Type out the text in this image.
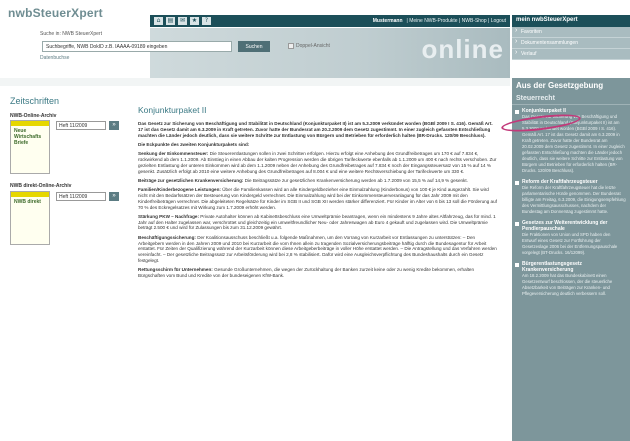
nwbSteuerXpert
⌂	▤	✉	★	?	Mustermann | Meine NWB-Produkte | NWB-Shop | Logout
online
Suche in: NWB SteuerXpert
Suchbegriffe, NWB DokID z.B. IAAAA-09189 eingeben
Suchen	Doppel-Ansicht
Datenbuchse
mein nwbSteuerXpert
› Favoriten
› Dokumentensammlungen
› Verlauf
Aus der Gesetzgebung
Steuerrecht
Konjunkturpaket II
Das Gesetz zur Sicherung von Beschäftigung und Stabilität in Deutschland (Konjunkturpaket II) ist am 5.3.2009 verkündet worden (BGBl 2009 I S. 416). Gemäß Art. 17 ist das Gesetz damit am 6.3.2009 in Kraft getreten. Zuvor hatte der Bundesrat am 20.02.2009 dem Gesetz zugestimmt. In einer zugleich gefassten Entschließung machten die Länder jedoch deutlich, dass sie weitere Schritte zur Entlastung von Bürgern und Betrieben für erforderlich halten (BR-Drucks. 120/09 Beschluss).
Reform der Kraftfahrzeugsteuer
Die Reform der Kraftfahrzeugsteuer hat die letzte parlamentarische Hürde genommen. Der Bundesrat billigte am Freitag, 6.3.2009, die Einigungsempfehlung des Vermittlungsausschusses, nachdem der Bundestag am Donnerstag zugestimmt hatte.
Gesetzes zur Weiterentwicklung der Pendlerpauschale
Die Fraktionen von Union und SPD haben den Entwurf eines Gesetz zur Fortführung der Gesetzeslage 2006 bei der Entfernungspauschale vorgelegt (BT-Drucks. 16/12099).
Bürgerentlastungsgesetz Krankenversicherung
Am 18.2.2009 hat das Bundeskabinett einen Gesetzentwurf beschlossen, der die steuerliche Absetzbarkeit von Beiträgen zur Kranken- und Pflegeversicherung deutlich verbessern soll.
Zeitschriften
NWB-Online-Archiv
Neue Wirtschafts Briefe
Heft 11/2009	»
NWB direkt-Online-Archiv
NWB direkt
Heft 11/2009	»
Konjunkturpaket II

Das Gesetz zur Sicherung von Beschäftigung und Stabilität in Deutschland (Konjunkturpaket II) ist am 5.3.2009 verkündet worden (BGBl 2009 I S. 416). Gemäß Art. 17 ist das Gesetz damit am 6.3.2009 in Kraft getreten. Zuvor hatte der Bundesrat am 20.2.2009 dem Gesetz zugestimmt. In einer zugleich gefassten Entschließung machten die Länder jedoch deutlich, dass sie weitere Schritte zur Entlastung von Bürgern und Betrieben für erforderlich halten (BR-Drucks. 120/09 Beschluss).

Die Eckpunkte des zweiten Konjunkturpakets sind:

Senkung der Einkommensteuer: Die Steuerentlastungen sollen in zwei Schritten erfolgen. Hierzu erfolgt eine Anhebung des Grundfreibetrages um 170 € auf 7.834 €, rückwirkend ab dem 1.1.2009. Ab Einstieg in einen Abbau der kalten Progression werden die übrigen Tarifeckwerte ebenfalls ab 1.1.2009 um 400 € nach rechts verschoben. Zur gezielten Entlastung der unteren Einkommen wird ab dem 1.1.2009 neben der Anhebung des Grundfreibetrages auf 7.834 € noch der Eingangssteuersatz von 15 % auf 14 % gesenkt. Zusätzlich erfolgt ab 2010 eine weitere Anhebung des Grundfreibetrages auf 8.004 € und eine weitere Rechtsverschiebung der Tarifeckwerte um 330 €.

Beiträge zur gesetzlichen Krankenversicherung: Die Beitragssätze zur gesetzlichen Krankenversicherung werden ab 1.7.2009 von 15,5 % auf 14,9 % gesenkt.

Familien/Kinderbezogene Leistungen: Über die Familienkassen wird an alle Kindergeldbezieher eine Einmalzahlung (Kinderbonus) von 100 € je Kind ausgezahlt. Sie wird nicht mit den Bedarfssätzen der Besteuerung von Kindergeld verrechnet. Die Einmalzahlung wird bei der Einkommensteuerveranlagung für das Jahr 2009 mit den Kinderfreibeträgen verrechnet. Die abgeleiteten Regelsätze für Kinder im SGB II und SGB XII werden stärker differenziert. Für Kinder im Alter von 6 bis 13 soll die Förderung auf 70 % des Eckregelsatzes mit Wirkung zum 1.7.2009 erhöht werden.

Stärkung PKW – Nachfrage: Private Autohalter können ab Kabinettsbeschluss eine Umweltprämie beantragen, wenn ein mindestens 9 Jahre altes Altfahrzeug, das für mind. 1 Jahr auf den Halter zugelassen war, verschrottet und gleichzeitig ein umweltfreundlicher Neu- oder Jahreswagen ab Euro 4 gekauft und zugelassen wird. Die Umweltprämie beträgt 2.500 € und wird für Zulassungen bis zum 31.12.2009 gewährt.

Beschäftigungssicherung: Der Koalitionsausschuss beschließt u.a. folgende Maßnahmen, um den Vorrang von Kurzarbeit vor Entlassungen zu unterstützen: – Den Arbeitgebern werden in den Jahren 2009 und 2010 bei Kurzarbeit die vom Ihnen allein zu tragenden Sozialversicherungsbeiträge hälftig durch die Bundesagentur für Arbeit erstattet. Für Zeiten der Qualifizierung während der Kurzarbeit können diese Arbeitgeberbeiträge in voller Höhe erstattet werden. – Die Antragstellung und das Verfahren werden vereinfacht. – Der gesetzliche Beitragssatz zur Arbeitsförderung wird bei 2,8 % stabilisiert. Dafür wird eine Ausgleichsverpflichtung des Bundeshaushalts durch ein Gesetz festgelegt.

Rettungsschirm für Unternehmen: Gesunde Großunternehmen, die wegen der Zurückhaltung der Banken zurzeit keine oder zu wenig Kredite bekommen, erhalten Bürgschaften vom Bund und Kredite von der bundeseigenen KfW-Bank.
